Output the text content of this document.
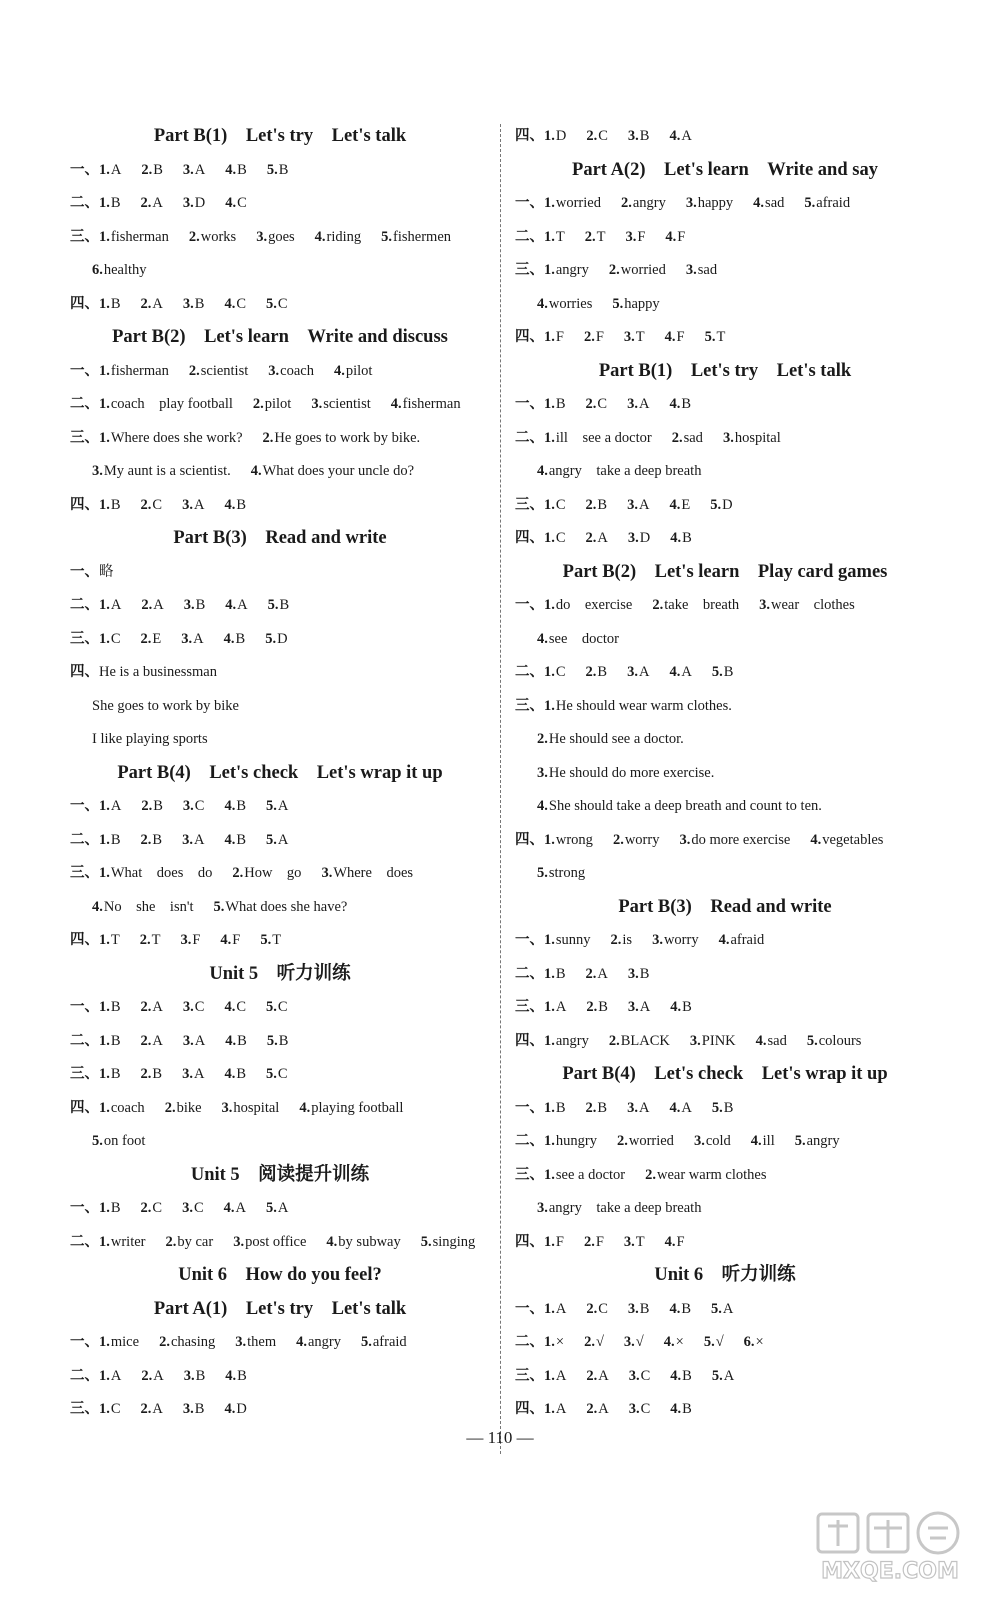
Part B(1)　Let's try　Let's talk
一、1.A 2.B 3.A 4.B 5.B
二、1.B 2.A 3.D 4.C
三、1.fisherman 2.works 3.goes 4.riding 5.fishermen
6.healthy
四、1.B 2.A 3.B 4.C 5.C
Part B(2)　Let's learn　Write and discuss
一、1.fisherman 2.scientist 3.coach 4.pilot
二、1.coach　play football 2.pilot 3.scientist 4.fisherman
三、1.Where does she work? 2.He goes to work by bike.
3.My aunt is a scientist. 4.What does your uncle do?
四、1.B 2.C 3.A 4.B
Part B(3)　Read and write
一、略
二、1.A 2.A 3.B 4.A 5.B
三、1.C 2.E 3.A 4.B 5.D
四、He is a businessman
She goes to work by bike
I like playing sports
Part B(4)　Let's check　Let's wrap it up
一、1.A 2.B 3.C 4.B 5.A
二、1.B 2.B 3.A 4.B 5.A
三、1.What　does　do 2.How　go 3.Where　does
4.No　she　isn't 5.What does she have?
四、1.T 2.T 3.F 4.F 5.T
Unit 5　听力训练
一、1.B 2.A 3.C 4.C 5.C
二、1.B 2.A 3.A 4.B 5.B
三、1.B 2.B 3.A 4.B 5.C
四、1.coach 2.bike 3.hospital 4.playing football
5.on foot
Unit 5　阅读提升训练
一、1.B 2.C 3.C 4.A 5.A
二、1.writer 2.by car 3.post office 4.by subway 5.singing
Unit 6　How do you feel?
Part A(1)　Let's try　Let's talk
一、1.mice 2.chasing 3.them 4.angry 5.afraid
二、1.A 2.A 3.B 4.B
三、1.C 2.A 3.B 4.D
四、1.D 2.C 3.B 4.A
Part A(2)　Let's learn　Write and say
一、1.worried 2.angry 3.happy 4.sad 5.afraid
二、1.T 2.T 3.F 4.F
三、1.angry 2.worried 3.sad
4.worries 5.happy
四、1.F 2.F 3.T 4.F 5.T
Part B(1)　Let's try　Let's talk
一、1.B 2.C 3.A 4.B
二、1.ill　see a doctor 2.sad 3.hospital
4.angry　take a deep breath
三、1.C 2.B 3.A 4.E 5.D
四、1.C 2.A 3.D 4.B
Part B(2)　Let's learn　Play card games
一、1.do　exercise 2.take　breath 3.wear　clothes
4.see　doctor
二、1.C 2.B 3.A 4.A 5.B
三、1.He should wear warm clothes.
2.He should see a doctor.
3.He should do more exercise.
4.She should take a deep breath and count to ten.
四、1.wrong 2.worry 3.do more exercise 4.vegetables
5.strong
Part B(3)　Read and write
一、1.sunny 2.is 3.worry 4.afraid
二、1.B 2.A 3.B
三、1.A 2.B 3.A 4.B
四、1.angry 2.BLACK 3.PINK 4.sad 5.colours
Part B(4)　Let's check　Let's wrap it up
一、1.B 2.B 3.A 4.A 5.B
二、1.hungry 2.worried 3.cold 4.ill 5.angry
三、1.see a doctor 2.wear warm clothes
3.angry　take a deep breath
四、1.F 2.F 3.T 4.F
Unit 6　听力训练
一、1.A 2.C 3.B 4.B 5.A
二、1.× 2.√ 3.√ 4.× 5.√ 6.×
三、1.A 2.A 3.C 4.B 5.A
四、1.A 2.A 3.C 4.B
— 110 —
MXQE.COM
